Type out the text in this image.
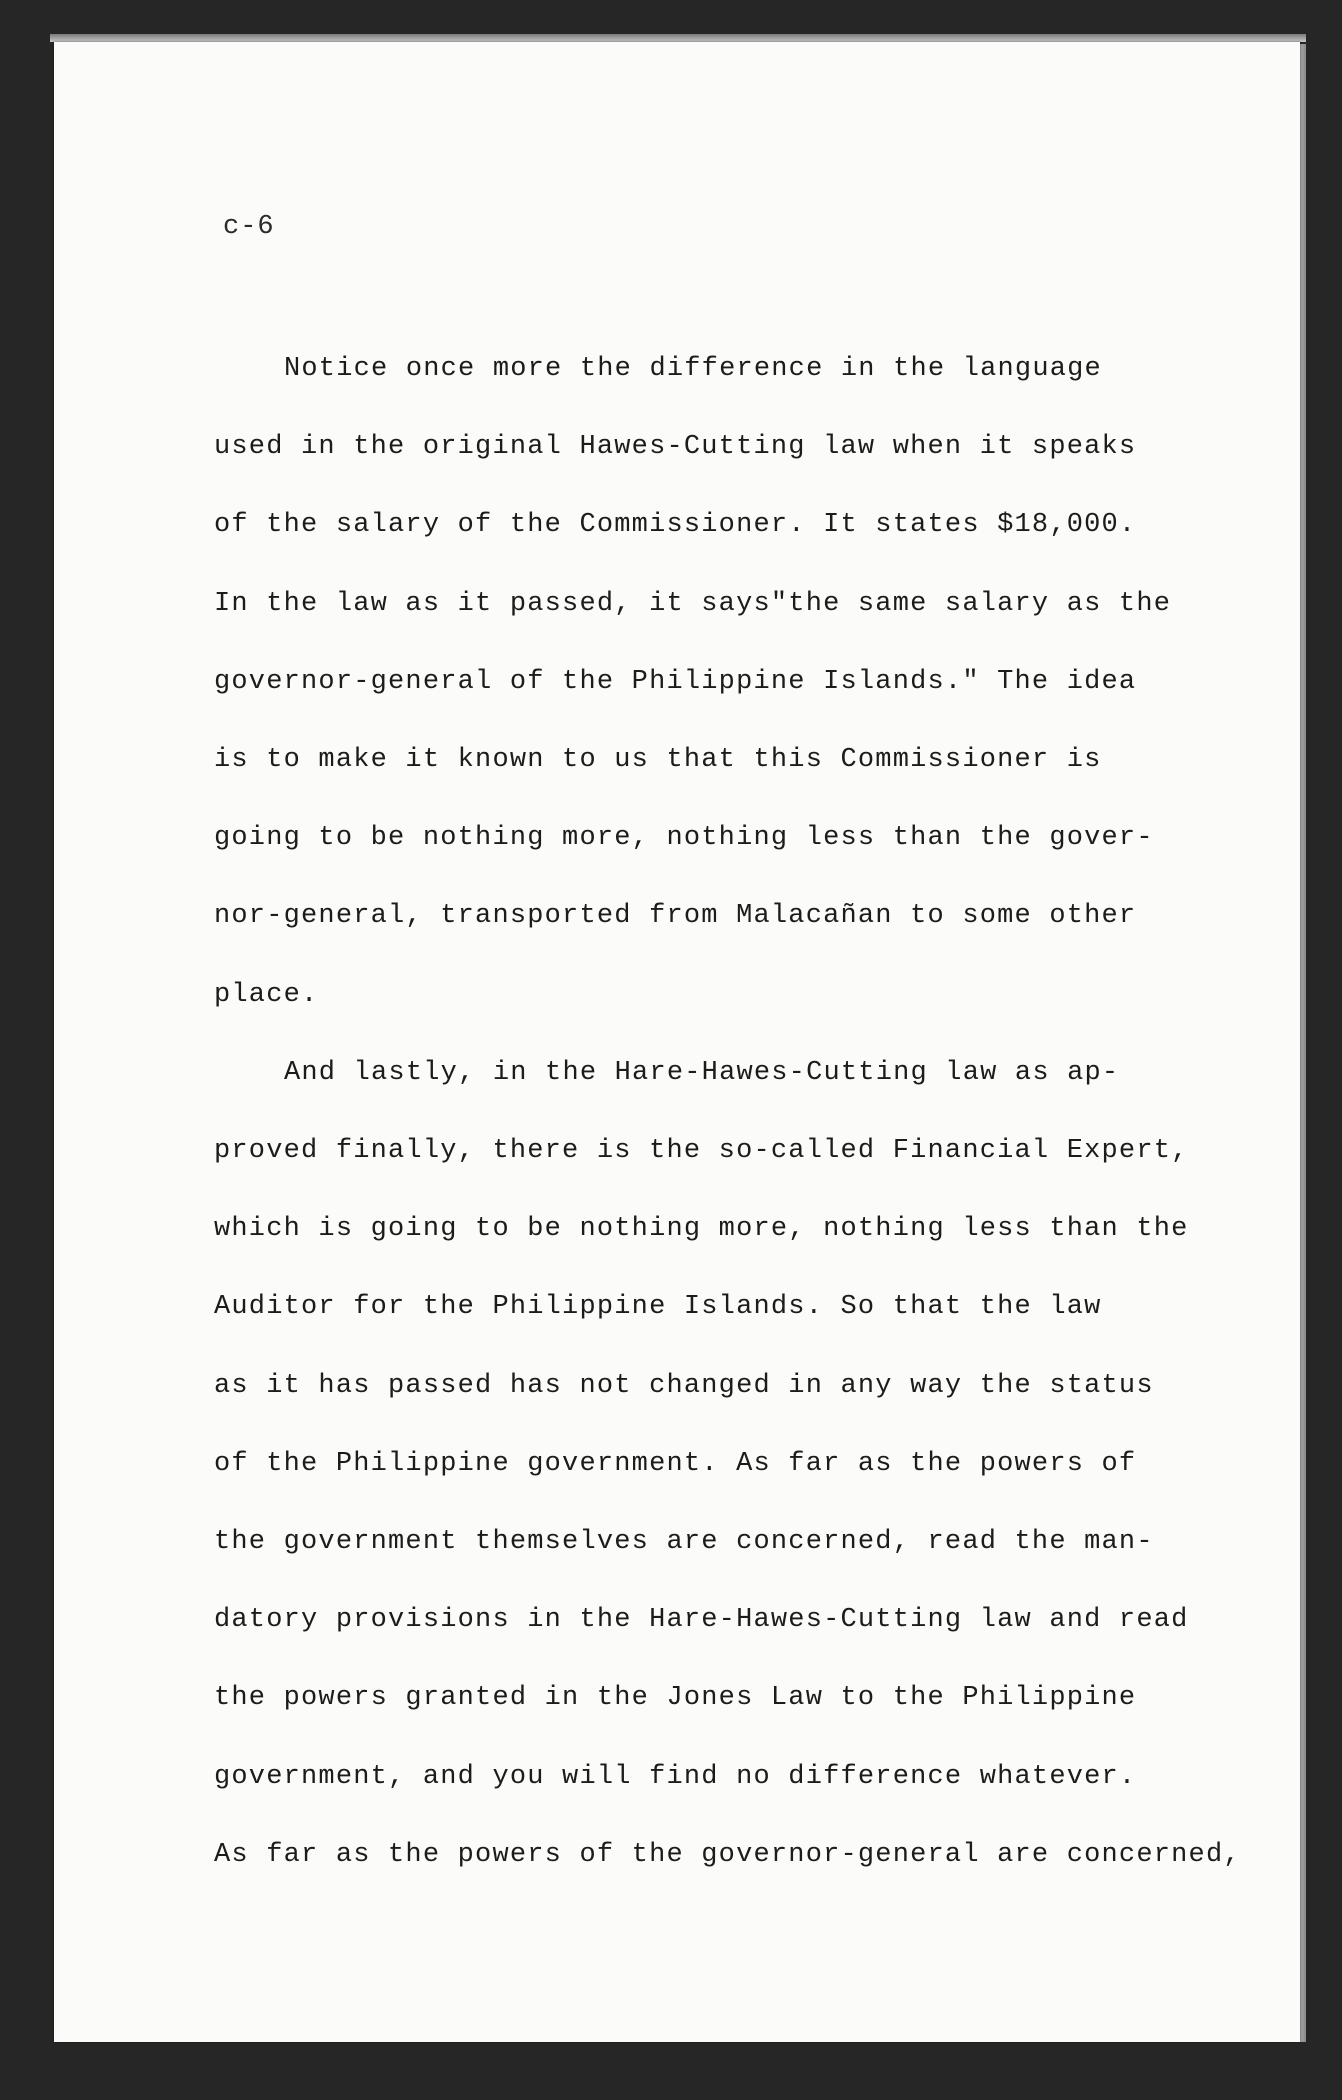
c-6
Notice once more the difference in the language
used in the original Hawes-Cutting law when it speaks
of the salary of the Commissioner. It states $18,000.
In the law as it passed, it says"the same salary as the
governor-general of the Philippine Islands." The idea
is to make it known to us that this Commissioner is
going to be nothing more, nothing less than the gover-
nor-general, transported from Malacañan to some other
place.
And lastly, in the Hare-Hawes-Cutting law as ap-
proved finally, there is the so-called Financial Expert,
which is going to be nothing more, nothing less than the
Auditor for the Philippine Islands. So that the law
as it has passed has not changed in any way the status
of the Philippine government. As far as the powers of
the government themselves are concerned, read the man-
datory provisions in the Hare-Hawes-Cutting law and read
the powers granted in the Jones Law to the Philippine
government, and you will find no difference whatever.
As far as the powers of the governor-general are concerned,
